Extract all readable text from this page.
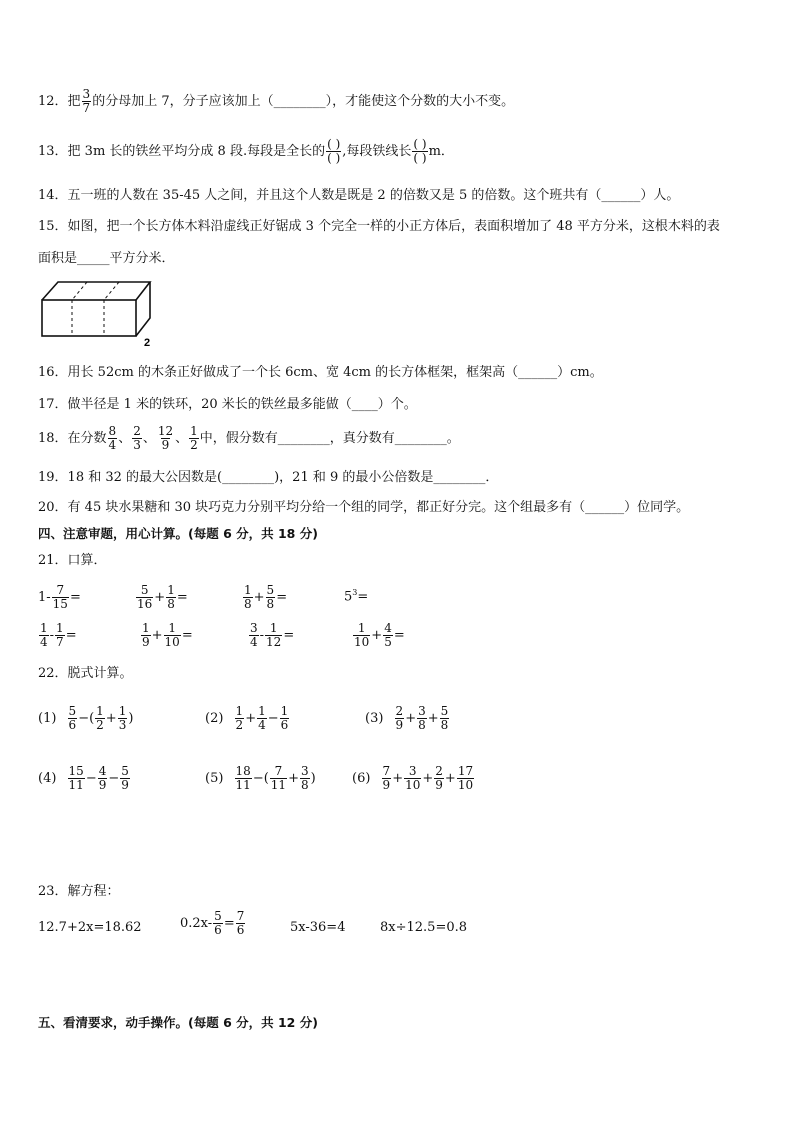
12．把 $\frac{3}{7}$ 的分母加上 7，分子应该加上（________），才能使这个分数的大小不变。
13．把 3m 长的铁丝平均分成 8 段.每段是全长的 $\frac{( )}{( )}$ ,每段铁线长 $\frac{( )}{( )}$ m．
14．五一班的人数在 35-45 人之间，并且这个人数是既是 2 的倍数又是 5 的倍数。这个班共有（______）人。
15．如图，把一个长方体木料沿虚线正好锯成 3 个完全一样的小正方体后，表面积增加了 48 平方分米，这根木料的表
面积是_____平方分米．
2
16．用长 52cm 的木条正好做成了一个长 6cm、宽 4cm 的长方体框架，框架高（______）cm。
17．做半径是 1 米的铁环，20 米长的铁丝最多能做（____）个。
18．在分数 $\frac{8}{4}$ 、 $\frac{2}{3}$ 、 $\frac{12}{9}$ 、 $\frac{1}{2}$ 中，假分数有________，真分数有________。
19．18 和 32 的最大公因数是(________)，21 和 9 的最小公倍数是________．
20．有 45 块水果糖和 30 块巧克力分别平均分给一个组的同学，都正好分完。这个组最多有（______）位同学。
四、注意审题，用心计算。(每题 6 分，共 18 分)
21．口算．
$1- \frac{7}{15}$ =	$\frac{5}{16} + \frac{1}{8}$ =	$\frac{1}{8} + \frac{5}{8}$ =	$5^3=$
$\frac{1}{4} - \frac{1}{7}$ =	$\frac{1}{9} + \frac{1}{10}$ =	$\frac{3}{4} - \frac{1}{12}$ =	$\frac{1}{10} + \frac{4}{5}$ =
22．脱式计算。
$(1) \frac{5}{6}$ −( $\frac{1}{2} + \frac{1}{3}$ )	$(2) \frac{1}{2} + \frac{1}{4} - \frac{1}{6}$	$(3) \frac{2}{9} + \frac{3}{8} + \frac{5}{8}$
$(4) \frac{15}{11} - \frac{4}{9} - \frac{5}{9}$	$(5) \frac{18}{11}$ −( $\frac{7}{11} + \frac{3}{8}$ )	$(6) \frac{7}{9} + \frac{3}{10} + \frac{2}{9} + \frac{17}{10}$
23．解方程：
12.7+2x=18.62	$0.2x- \frac{5}{6} = \frac{7}{6}$	5x-36=4	8x÷12.5=0.8
五、看清要求，动手操作。(每题 6 分，共 12 分)
